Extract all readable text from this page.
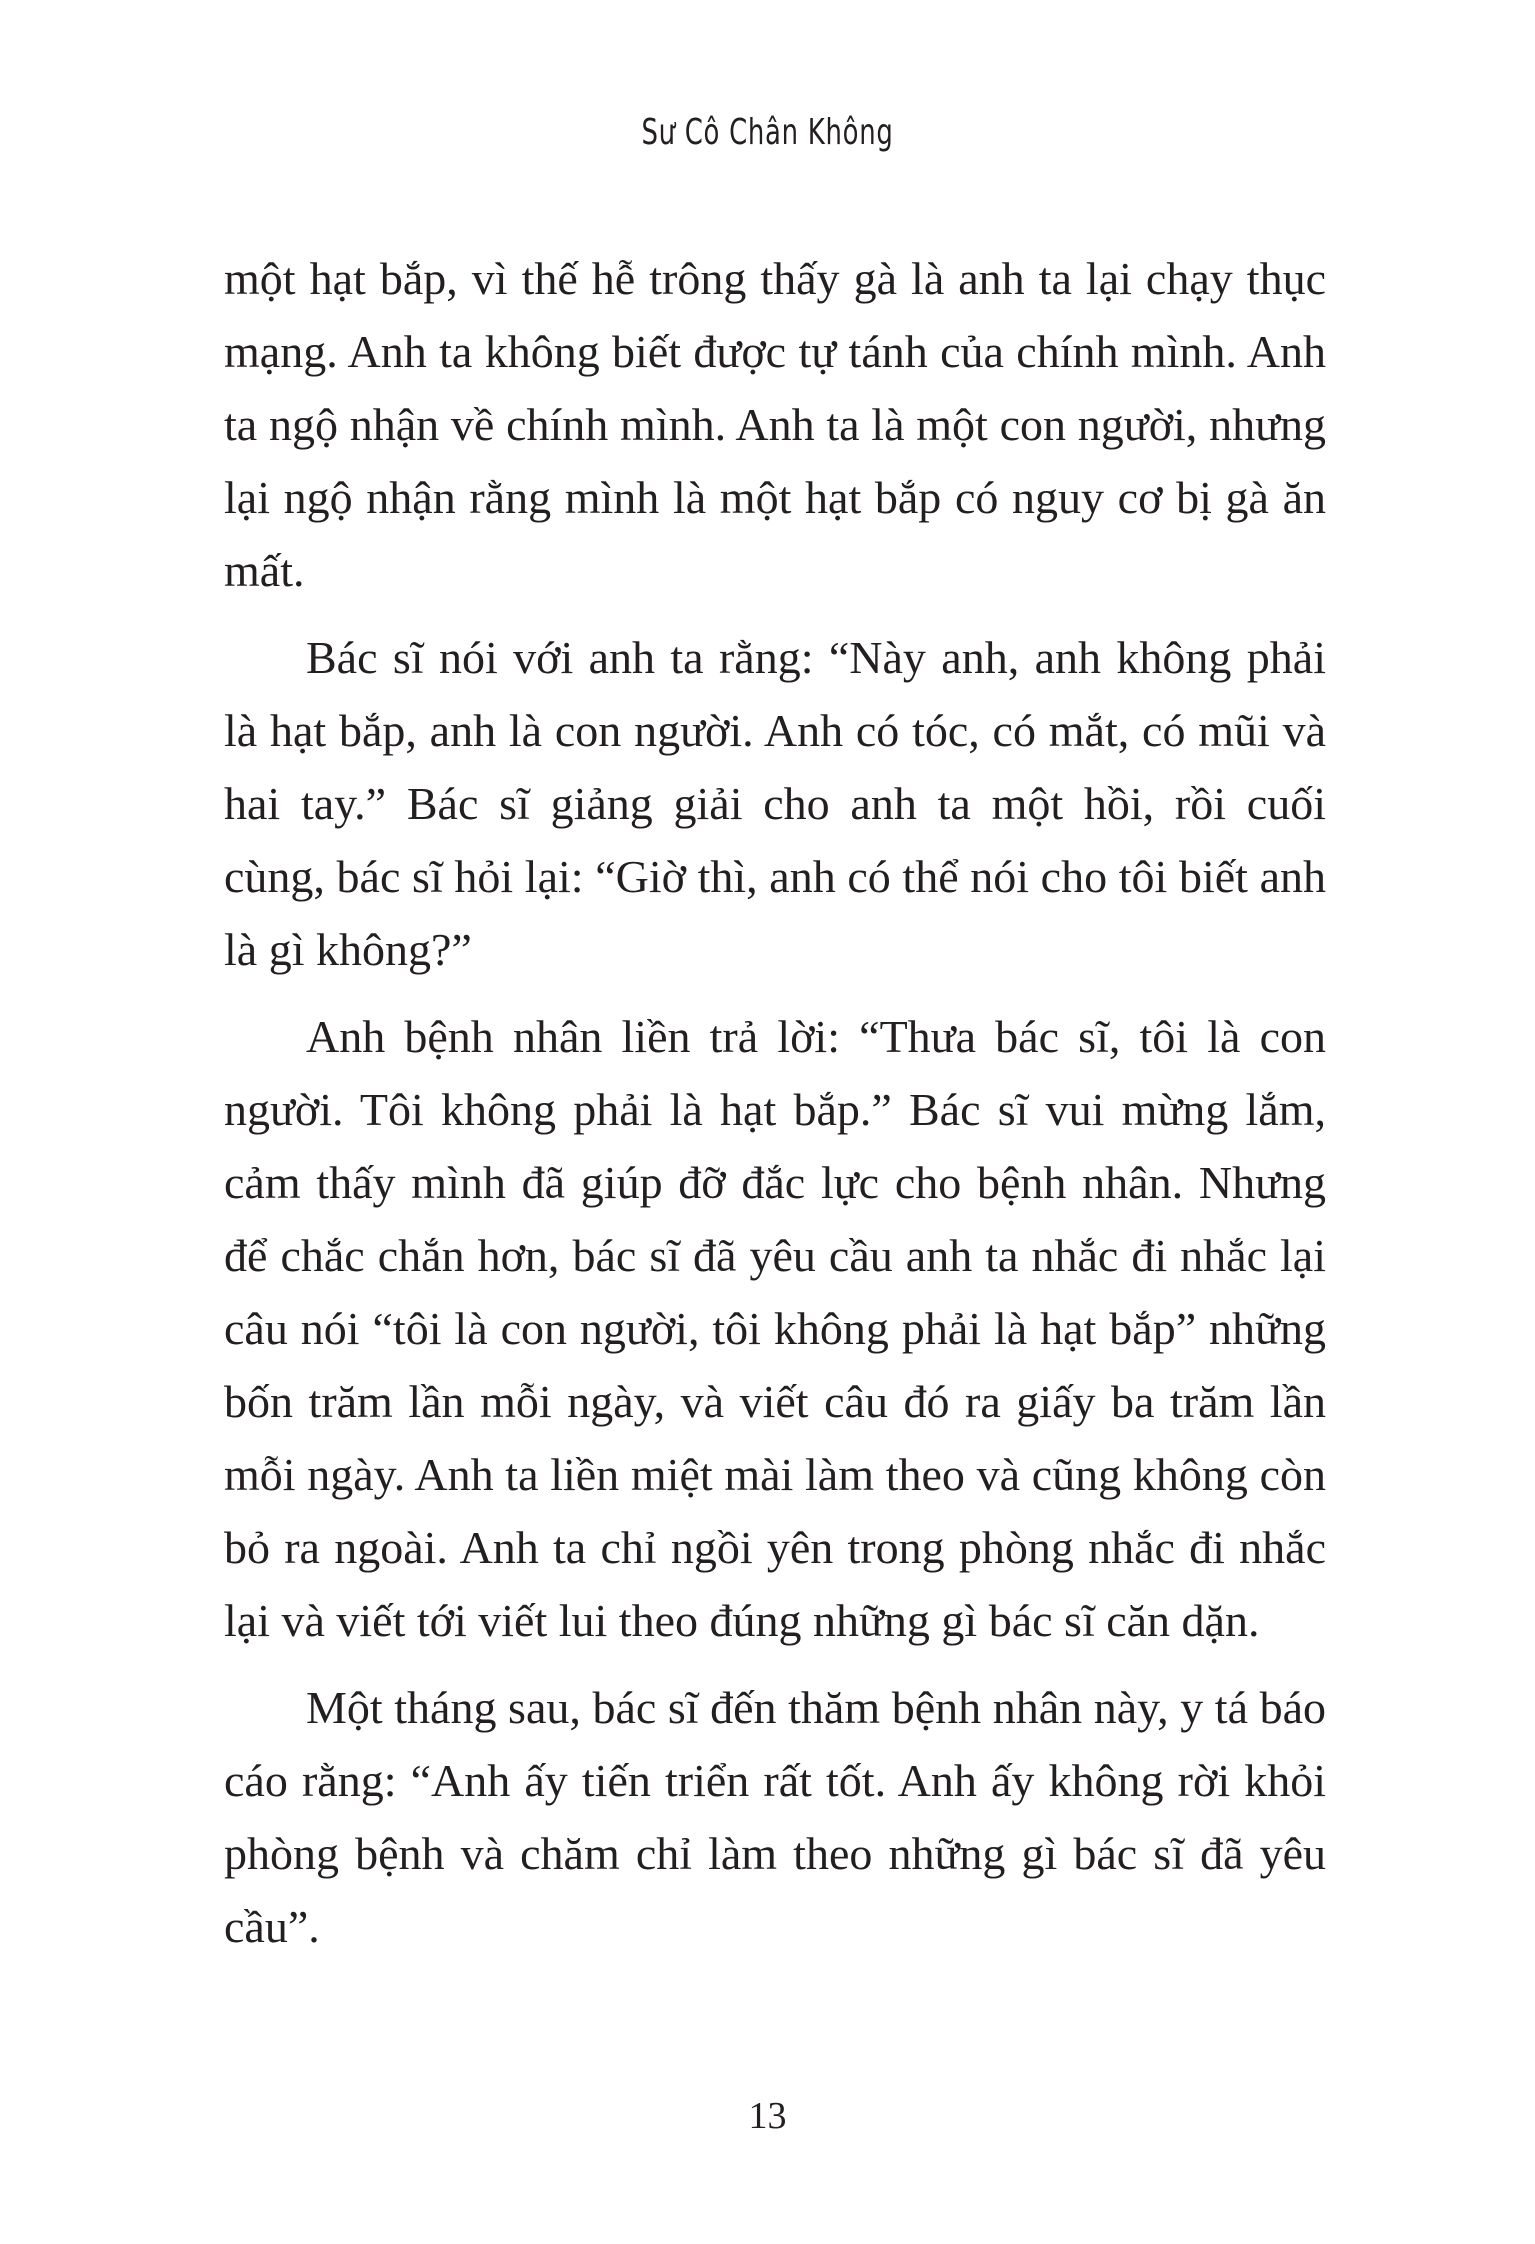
Sư Cô Chân Không

một hạt bắp, vì thế hễ trông thấy gà là anh ta lại chạy thục mạng. Anh ta không biết được tự tánh của chính mình. Anh ta ngộ nhận về chính mình. Anh ta là một con người, nhưng lại ngộ nhận rằng mình là một hạt bắp có nguy cơ bị gà ăn mất.

Bác sĩ nói với anh ta rằng: “Này anh, anh không phải là hạt bắp, anh là con người. Anh có tóc, có mắt, có mũi và hai tay.” Bác sĩ giảng giải cho anh ta một hồi, rồi cuối cùng, bác sĩ hỏi lại: “Giờ thì, anh có thể nói cho tôi biết anh là gì không?”

Anh bệnh nhân liền trả lời: “Thưa bác sĩ, tôi là con người. Tôi không phải là hạt bắp.” Bác sĩ vui mừng lắm, cảm thấy mình đã giúp đỡ đắc lực cho bệnh nhân. Nhưng để chắc chắn hơn, bác sĩ đã yêu cầu anh ta nhắc đi nhắc lại câu nói “tôi là con người, tôi không phải là hạt bắp” những bốn trăm lần mỗi ngày, và viết câu đó ra giấy ba trăm lần mỗi ngày. Anh ta liền miệt mài làm theo và cũng không còn bỏ ra ngoài. Anh ta chỉ ngồi yên trong phòng nhắc đi nhắc lại và viết tới viết lui theo đúng những gì bác sĩ căn dặn.

Một tháng sau, bác sĩ đến thăm bệnh nhân này, y tá báo cáo rằng: “Anh ấy tiến triển rất tốt. Anh ấy không rời khỏi phòng bệnh và chăm chỉ làm theo những gì bác sĩ đã yêu cầu”.

13
